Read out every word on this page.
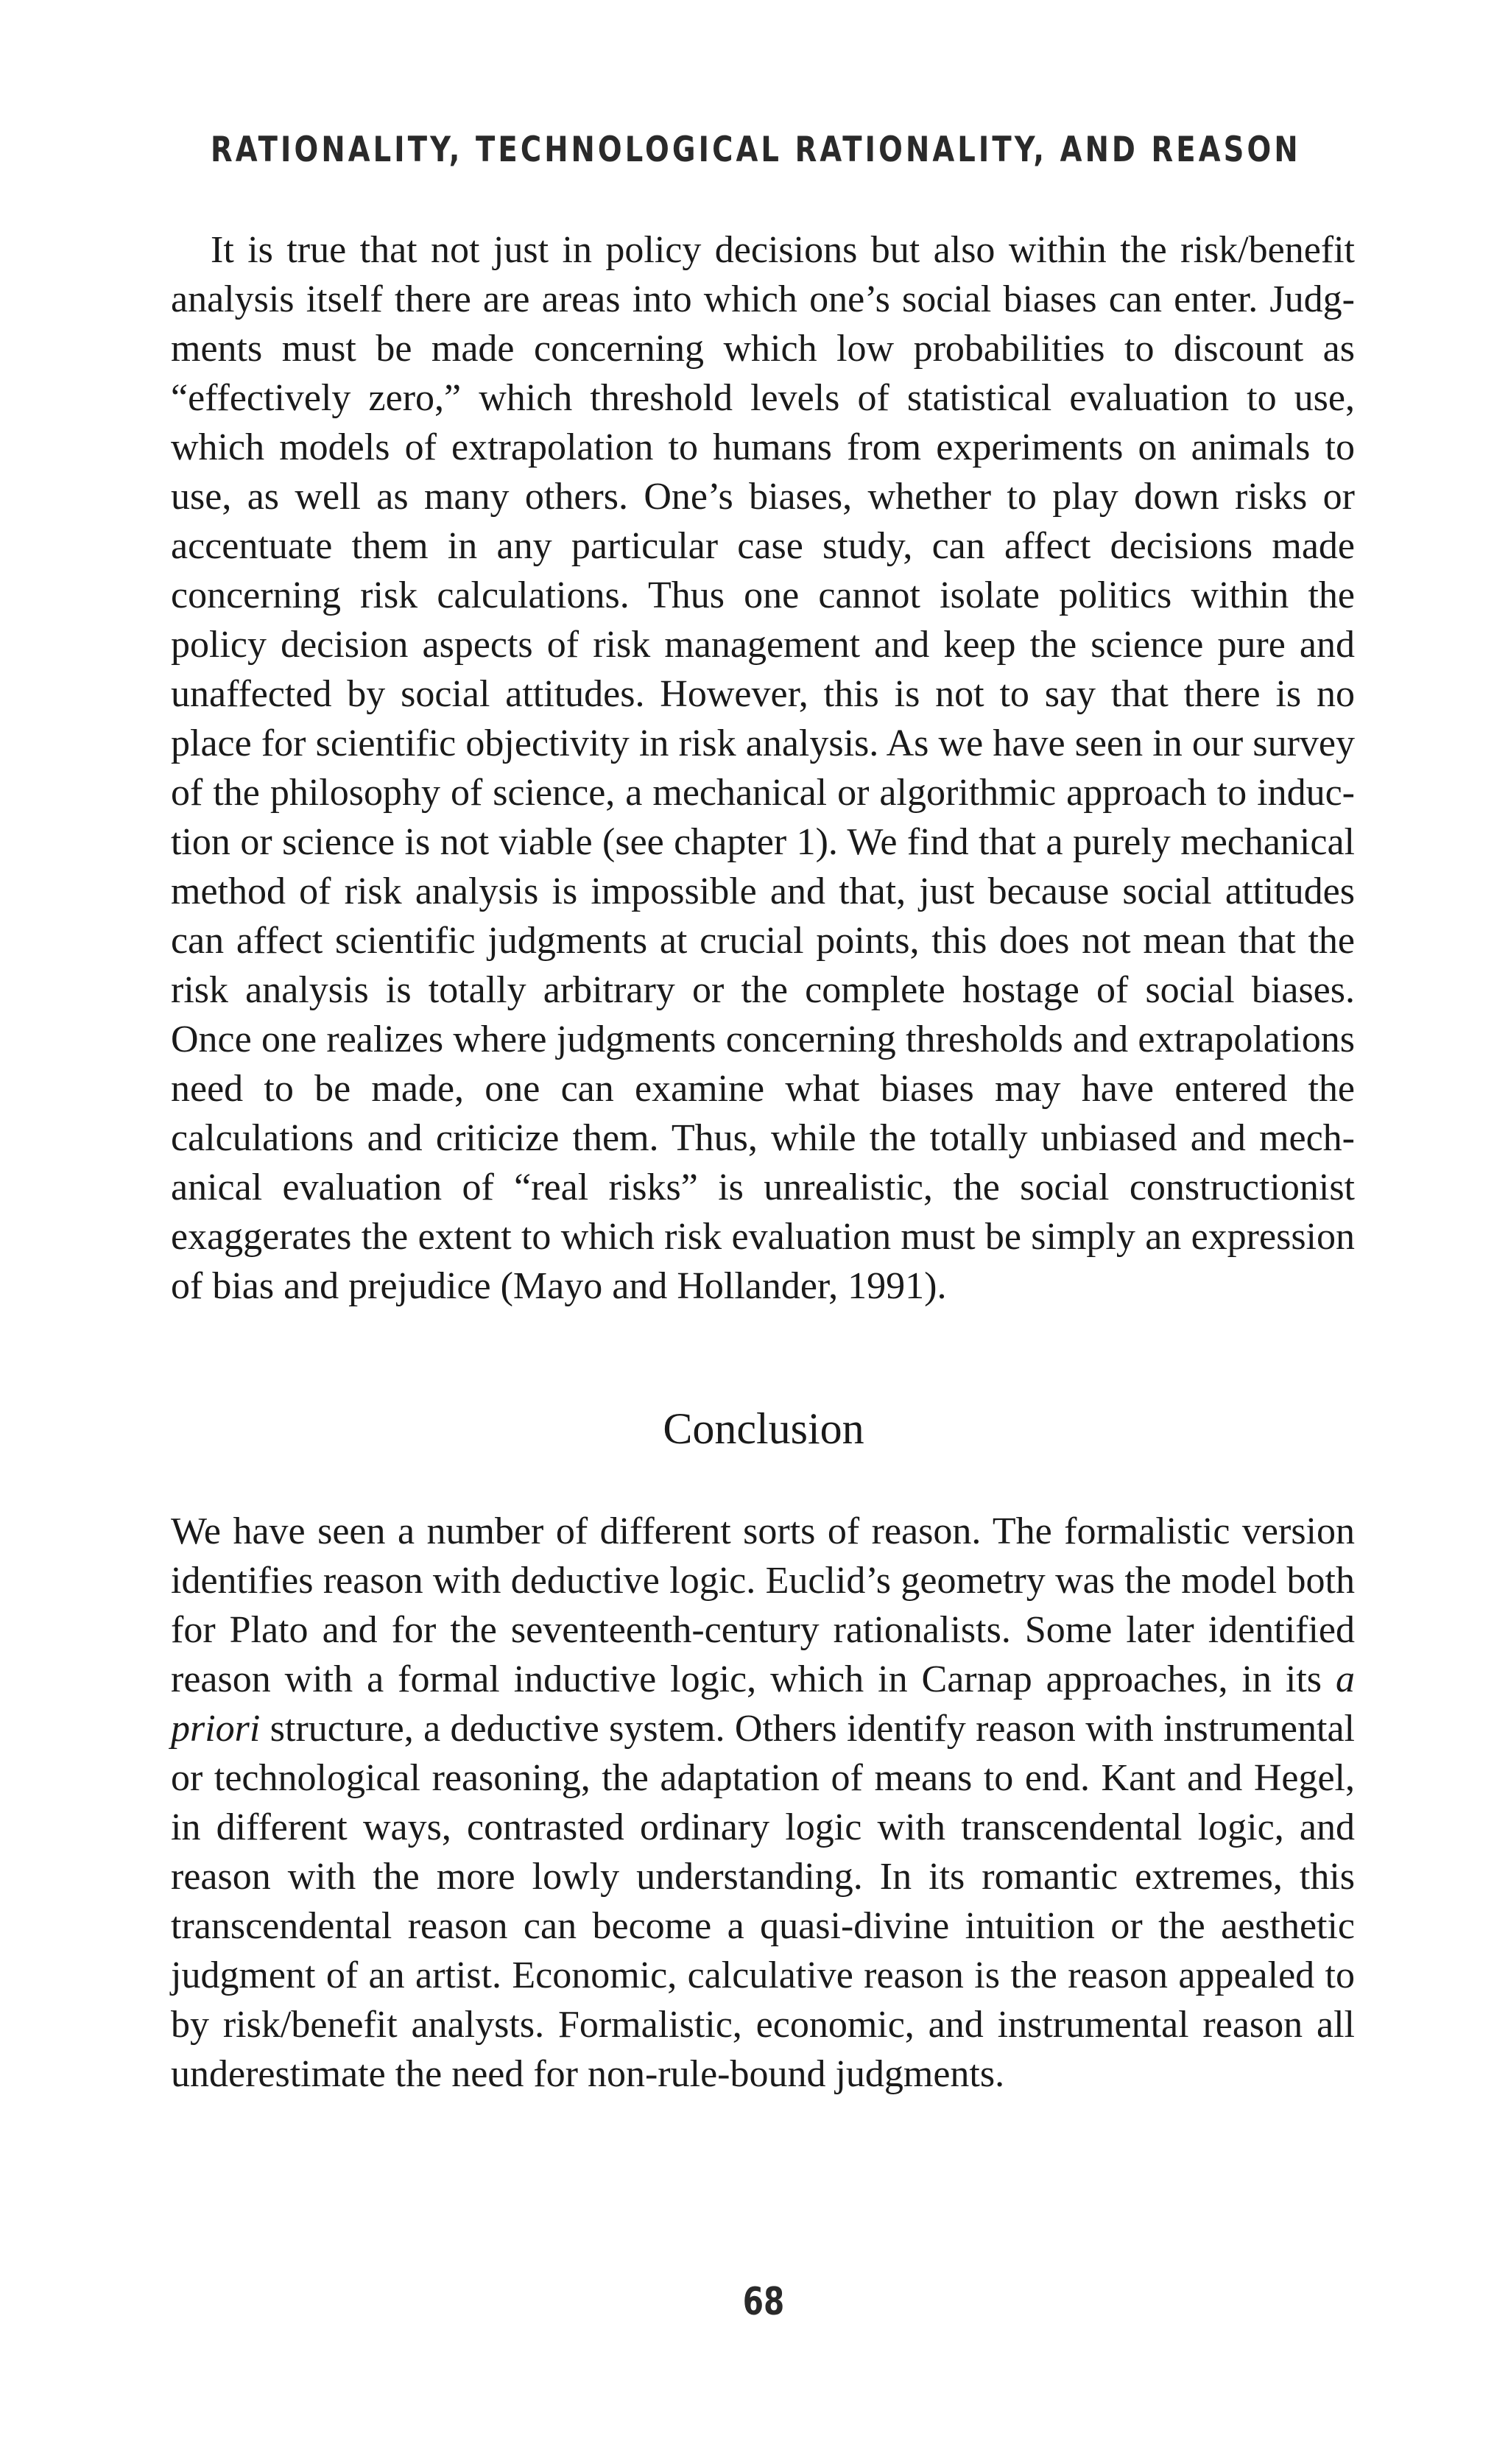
RATIONALITY, TECHNOLOGICAL RATIONALITY, AND REASON

It is true that not just in policy decisions but also within the risk/benefit analysis itself there are areas into which one’s social biases can enter. Judgments must be made concerning which low probabilities to discount as “effectively zero,” which threshold levels of statistical evaluation to use, which models of extrapolation to humans from experiments on animals to use, as well as many others. One’s biases, whether to play down risks or accentuate them in any particular case study, can affect decisions made concerning risk calculations. Thus one cannot isolate politics within the policy decision aspects of risk management and keep the science pure and unaffected by social attitudes. However, this is not to say that there is no place for scientific objectivity in risk analysis. As we have seen in our survey of the philosophy of science, a mechanical or algorithmic approach to induction or science is not viable (see chapter 1). We find that a purely mechanical method of risk analysis is impossible and that, just because social attitudes can affect scientific judgments at crucial points, this does not mean that the risk analysis is totally arbitrary or the complete hostage of social biases. Once one realizes where judgments concerning thresholds and extrapolations need to be made, one can examine what biases may have entered the calculations and criticize them. Thus, while the totally unbiased and mechanical evaluation of “real risks” is unrealistic, the social constructionist exaggerates the extent to which risk evaluation must be simply an expression of bias and prejudice (Mayo and Hollander, 1991).

Conclusion

We have seen a number of different sorts of reason. The formalistic version identifies reason with deductive logic. Euclid’s geometry was the model both for Plato and for the seventeenth-century rationalists. Some later identified reason with a formal inductive logic, which in Carnap approaches, in its a priori structure, a deductive system. Others identify reason with instrumental or technological reasoning, the adaptation of means to end. Kant and Hegel, in different ways, contrasted ordinary logic with transcendental logic, and reason with the more lowly understanding. In its romantic extremes, this transcendental reason can become a quasi-divine intuition or the aesthetic judgment of an artist. Economic, calculative reason is the reason appealed to by risk/benefit analysts. Formalistic, economic, and instrumental reason all underestimate the need for non-rule-bound judgments.

68
